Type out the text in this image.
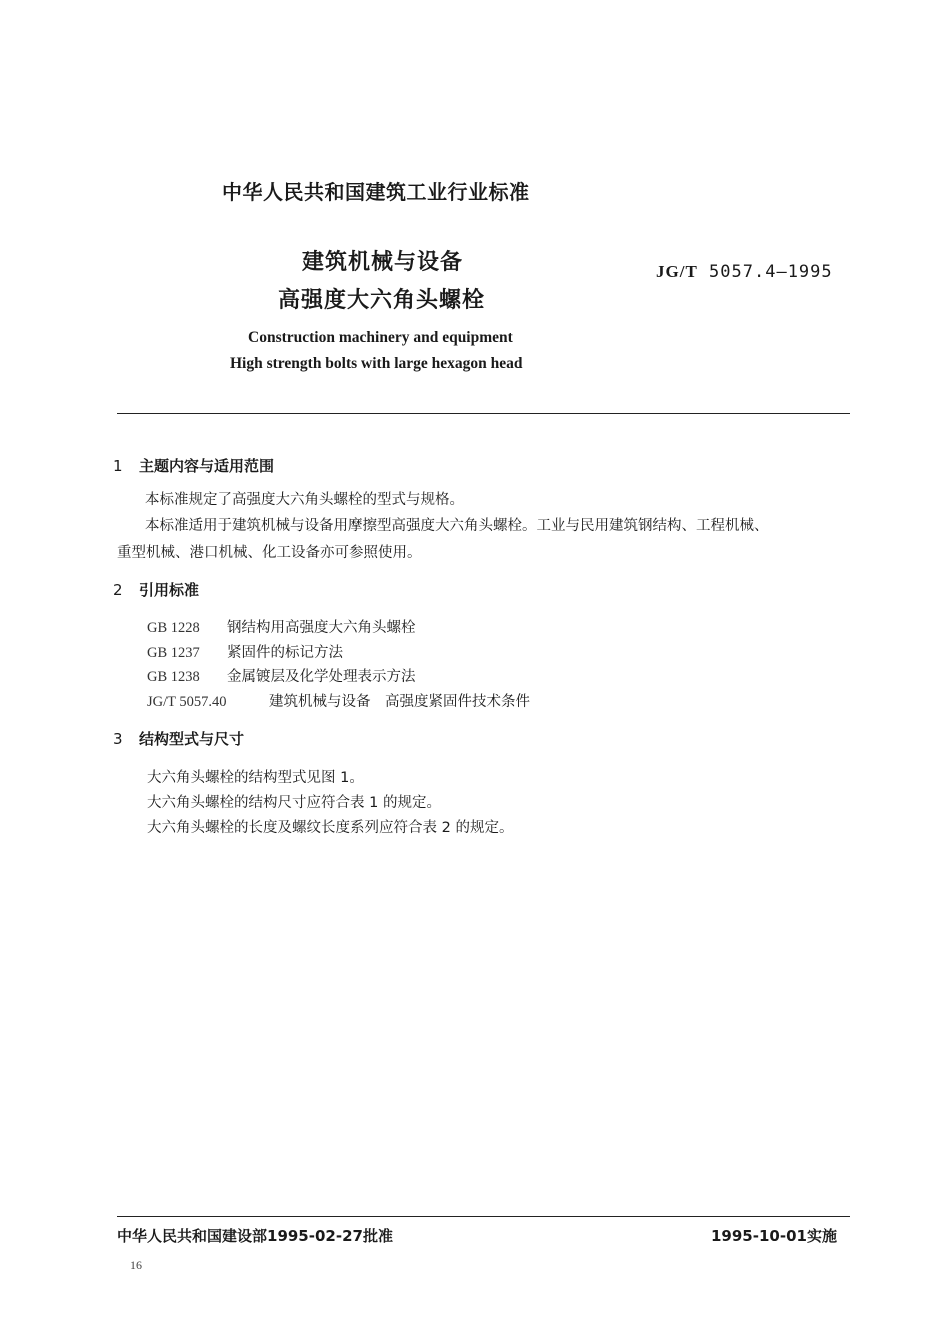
中华人民共和国建筑工业行业标准
建筑机械与设备
高强度大六角头螺栓
JG/T 5057.4—1995
Construction machinery and equipment
High strength bolts with large hexagon head
1 主题内容与适用范围
本标准规定了高强度大六角头螺栓的型式与规格。
本标准适用于建筑机械与设备用摩擦型高强度大六角头螺栓。工业与民用建筑钢结构、工程机械、
重型机械、港口机械、化工设备亦可参照使用。
2 引用标准
GB 1228 钢结构用高强度大六角头螺栓
GB 1237 紧固件的标记方法
GB 1238 金属镀层及化学处理表示方法
JG/T 5057.40	建筑机械与设备　高强度紧固件技术条件
3 结构型式与尺寸
大六角头螺栓的结构型式见图 1。
大六角头螺栓的结构尺寸应符合表 1 的规定。
大六角头螺栓的长度及螺纹长度系列应符合表 2 的规定。
中华人民共和国建设部1995-02-27批准	1995-10-01实施
16
